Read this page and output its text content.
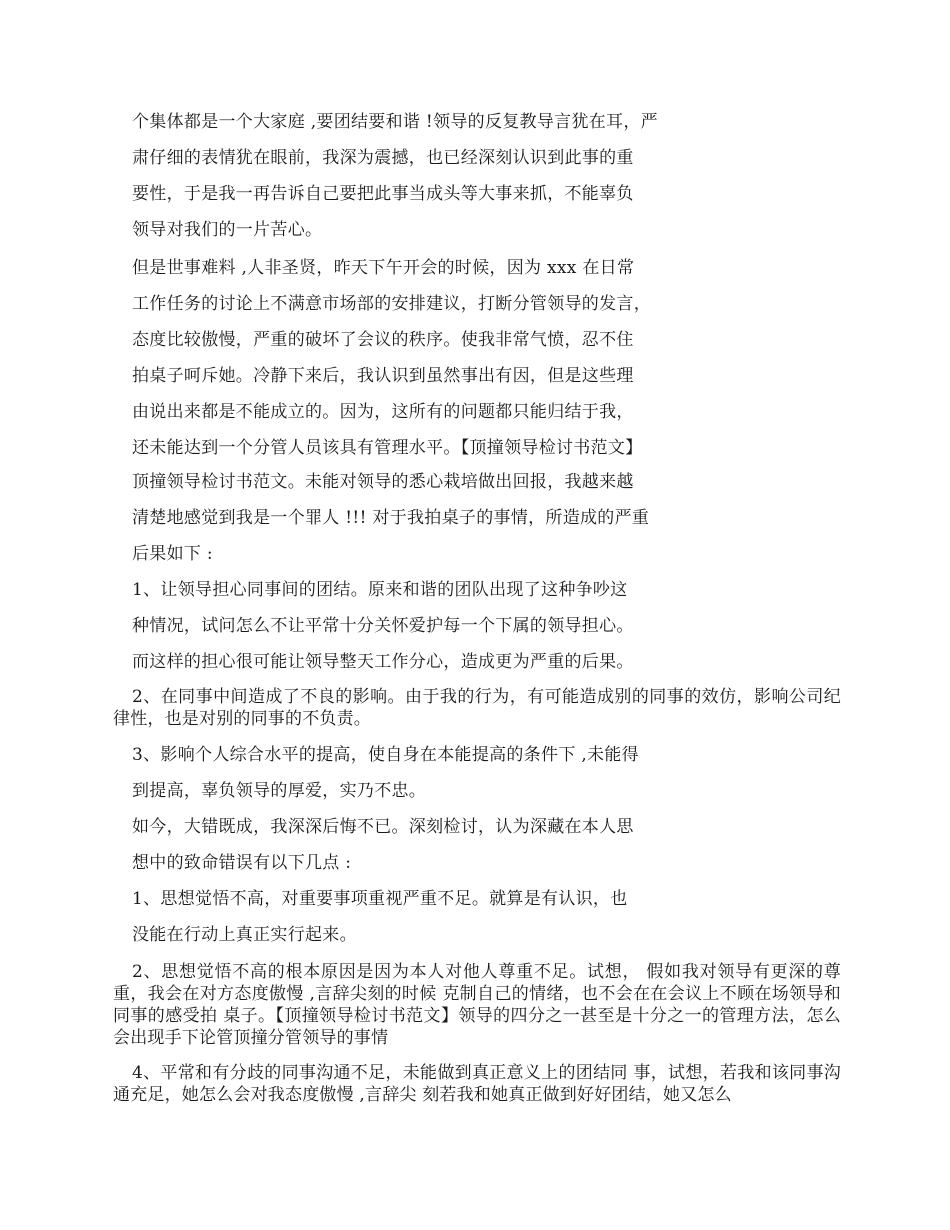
个集体都是一个大家庭 ,要团结要和谐 !领导的反复教导言犹在耳，严
肃仔细的表情犹在眼前，我深为震撼，也已经深刻认识到此事的重
要性，于是我一再告诉自己要把此事当成头等大事来抓，不能辜负
领导对我们的一片苦心。
但是世事难料 ,人非圣贤，昨天下午开会的时候，因为 xxx 在日常
工作任务的讨论上不满意市场部的安排建议，打断分管领导的发言，
态度比较傲慢，严重的破坏了会议的秩序。使我非常气愤，忍不住
拍桌子呵斥她。冷静下来后，我认识到虽然事出有因，但是这些理
由说出来都是不能成立的。因为，这所有的问题都只能归结于我，
还未能达到一个分管人员该具有管理水平。【顶撞领导检讨书范文】
顶撞领导检讨书范文。未能对领导的悉心栽培做出回报，我越来越
清楚地感觉到我是一个罪人 !!! 对于我拍桌子的事情，所造成的严重
后果如下 :
1、让领导担心同事间的团结。原来和谐的团队出现了这种争吵这
种情况，试问怎么不让平常十分关怀爱护每一个下属的领导担心。
而这样的担心很可能让领导整天工作分心，造成更为严重的后果。
2、在同事中间造成了不良的影响。由于我的行为，有可能造成别的同事的效仿，影响公司纪律性，也是对别的同事的不负责。
3、影响个人综合水平的提高，使自身在本能提高的条件下 ,未能得
到提高，辜负领导的厚爱，实乃不忠。
如今，大错既成，我深深后悔不已。深刻检讨，认为深藏在本人思
想中的致命错误有以下几点 :
1、思想觉悟不高，对重要事项重视严重不足。就算是有认识，也
没能在行动上真正实行起来。
2、思想觉悟不高的根本原因是因为本人对他人尊重不足。试想， 假如我对领导有更深的尊重，我会在对方态度傲慢 ,言辞尖刻的时候 克制自己的情绪，也不会在在会议上不顾在场领导和同事的感受拍 桌子。【顶撞领导检讨书范文】领导的四分之一甚至是十分之一的管理方法，怎么会出现手下论管顶撞分管领导的事情
4、平常和有分歧的同事沟通不足，未能做到真正意义上的团结同 事，试想，若我和该同事沟通充足，她怎么会对我态度傲慢 ,言辞尖 刻若我和她真正做到好好团结，她又怎么
